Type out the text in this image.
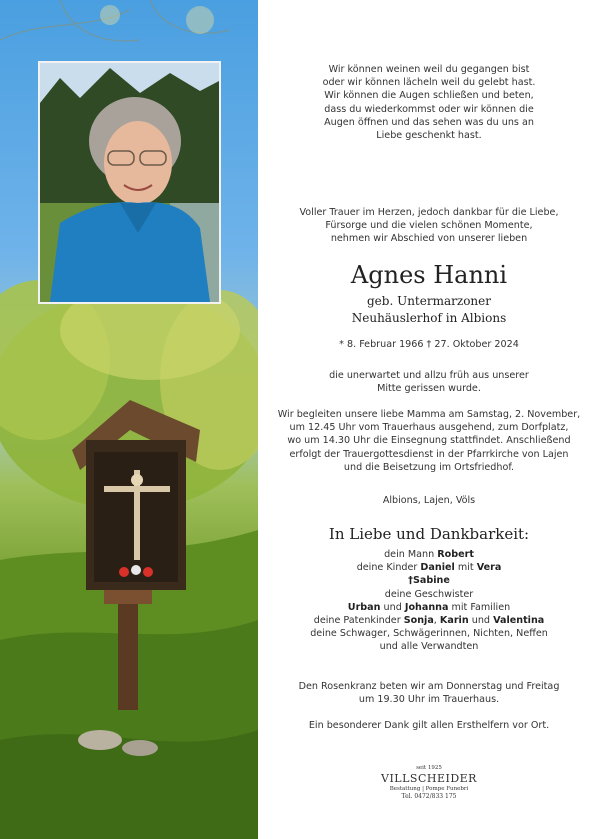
Wir können weinen weil du gegangen bist
oder wir können lächeln weil du gelebt hast.
Wir können die Augen schließen und beten,
dass du wiederkommst oder wir können die
Augen öffnen und das sehen was du uns an
Liebe geschenkt hast.
Voller Trauer im Herzen, jedoch dankbar für die Liebe,
Fürsorge und die vielen schönen Momente,
nehmen wir Abschied von unserer lieben
Agnes Hanni
geb. Untermarzoner
Neuhäuslerhof in Albions
* 8. Februar 1966 † 27. Oktober 2024
die unerwartet und allzu früh aus unserer
Mitte gerissen wurde.
Wir begleiten unsere liebe Mamma am Samstag, 2. November,
um 12.45 Uhr vom Trauerhaus ausgehend, zum Dorfplatz,
wo um 14.30 Uhr die Einsegnung stattfindet. Anschließend
erfolgt der Trauergottesdienst in der Pfarrkirche von Lajen
und die Beisetzung im Ortsfriedhof.
Albions, Lajen, Völs
In Liebe und Dankbarkeit:
dein Mann Robert
deine Kinder Daniel mit Vera
†Sabine
deine Geschwister
Urban und Johanna mit Familien
deine Patenkinder Sonja, Karin und Valentina
deine Schwager, Schwägerinnen, Nichten, Neffen
und alle Verwandten
Den Rosenkranz beten wir am Donnerstag und Freitag
um 19.30 Uhr im Trauerhaus.
Ein besonderer Dank gilt allen Ersthelfern vor Ort.
seit 1925
VILLSCHEIDER
Bestattung | Pompe Funebri
Tel. 0472/833 175
